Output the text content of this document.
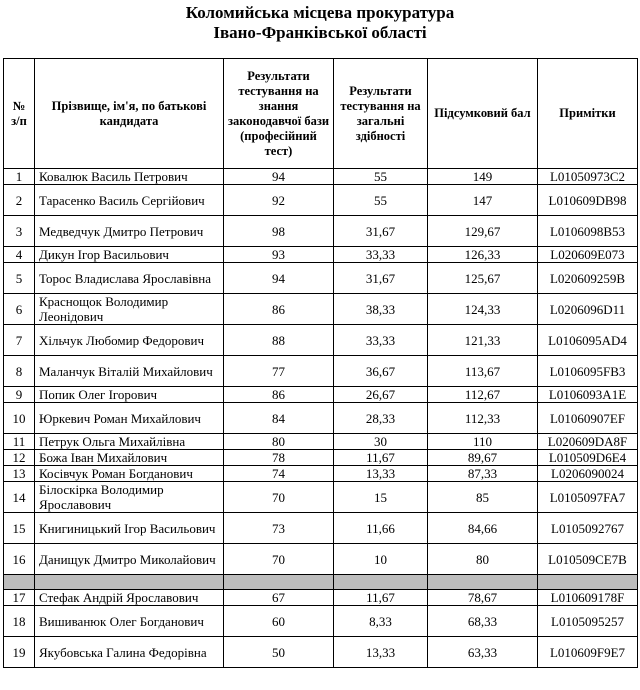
Коломийська місцева прокуратура
Івано-Франківської області
№ з/п	Прізвище, ім'я, по батькові кандидата	Результати тестування на знання законодавчої бази (професійний тест)	Результати тестування на загальні здібності	Підсумковий бал	Примітки
1	Ковалюк Василь Петрович	94	55	149	L01050973C2
2	Тарасенко Василь Сергійович	92	55	147	L010609DB98
3	Медведчук Дмитро Петрович	98	31,67	129,67	L0106098B53
4	Дикун Ігор Васильович	93	33,33	126,33	L020609E073
5	Торос Владислава Ярославівна	94	31,67	125,67	L020609259B
6	Краснощок Володимир Леонідович	86	38,33	124,33	L0206096D11
7	Хільчук Любомир Федорович	88	33,33	121,33	L0106095AD4
8	Маланчук Віталій Михайлович	77	36,67	113,67	L0106095FB3
9	Попик Олег Ігорович	86	26,67	112,67	L0106093A1E
10	Юркевич Роман Михайлович	84	28,33	112,33	L01060907EF
11	Петрук Ольга Михайлівна	80	30	110	L020609DA8F
12	Божа Іван Михайлович	78	11,67	89,67	L010509D6E4
13	Косівчук Роман Богданович	74	13,33	87,33	L0206090024
14	Білоскірка Володимир Ярославович	70	15	85	L0105097FA7
15	Книгиницький Ігор Васильович	73	11,66	84,66	L0105092767
16	Данищук Дмитро Миколайович	70	10	80	L010509CE7B

17	Стефак Андрій Ярославович	67	11,67	78,67	L010609178F
18	Вишиванюк Олег Богданович	60	8,33	68,33	L0105095257
19	Якубовська Галина Федорівна	50	13,33	63,33	L010609F9E7
